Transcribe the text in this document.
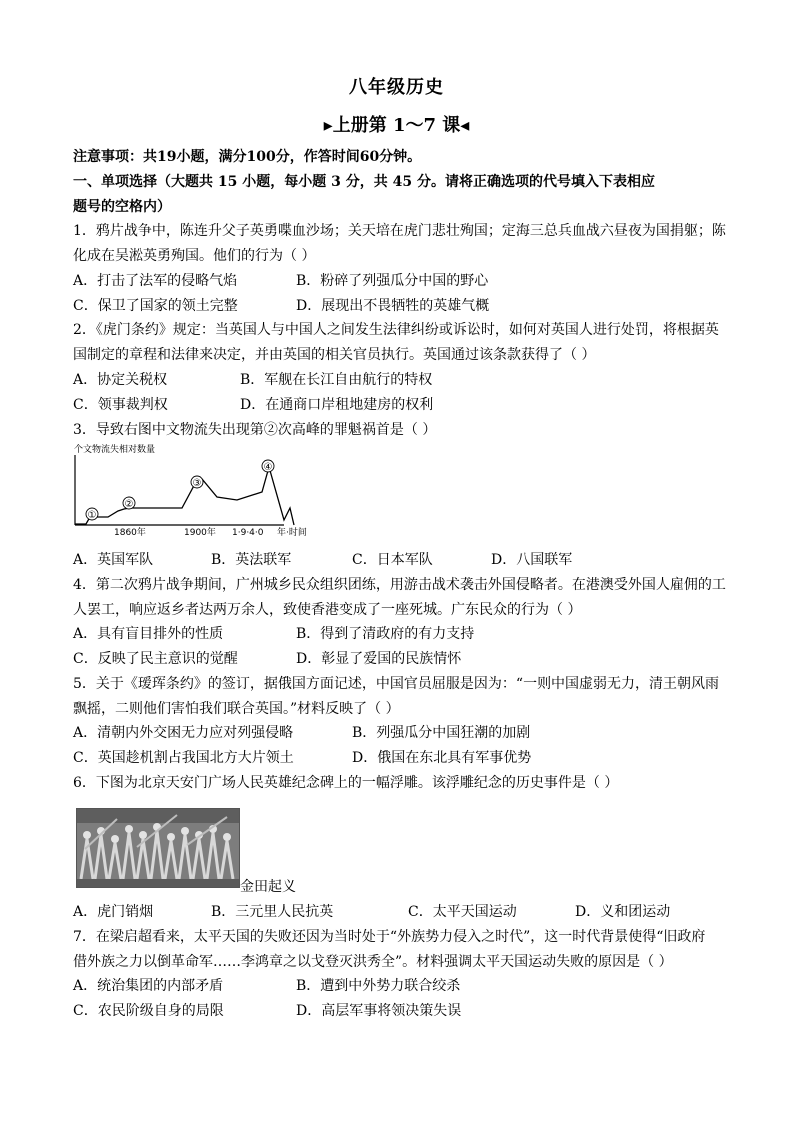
八年级历史
▸上册第 1～7 课◂
注意事项：共19小题，满分100分，作答时间60分钟。
一、单项选择（大题共 15 小题，每小题 3 分，共 45 分。请将正确选项的代号填入下表相应
题号的空格内）
1．鸦片战争中，陈连升父子英勇喋血沙场；关天培在虎门悲壮殉国；定海三总兵血战六昼夜为国捐躯；陈
化成在吴淞英勇殉国。他们的行为（ ）
A．打击了法军的侵略气焰	B．粉碎了列强瓜分中国的野心
C．保卫了国家的领土完整	D．展现出不畏牺牲的英雄气概
2．《虎门条约》规定：当英国人与中国人之间发生法律纠纷或诉讼时，如何对英国人进行处罚，将根据英
国制定的章程和法律来决定，并由英国的相关官员执行。英国通过该条款获得了（ ）
A．协定关税权	B．军舰在长江自由航行的特权
C．领事裁判权	D．在通商口岸租地建房的权利
3．导致右图中文物流失出现第②次高峰的罪魁祸首是（ ）
①
②
③
④
个文物流失相对数量
1860年	1900年 1·9·4·0 年·时间
A．英国军队	B．英法联军	C．日本军队	D．八国联军
4．第二次鸦片战争期间，广州城乡民众组织团练，用游击战术袭击外国侵略者。在港澳受外国人雇佣的工
人罢工，响应返乡者达两万余人，致使香港变成了一座死城。广东民众的行为（ ）
A．具有盲目排外的性质	B．得到了清政府的有力支持
C．反映了民主意识的觉醒	D．彰显了爱国的民族情怀
5．关于《瑷珲条约》的签订，据俄国方面记述，中国官员屈服是因为：“一则中国虚弱无力，清王朝风雨
飘摇，二则他们害怕我们联合英国。”材料反映了（ ）
A．清朝内外交困无力应对列强侵略	B．列强瓜分中国狂潮的加剧
C．英国趁机割占我国北方大片领土	D．俄国在东北具有军事优势
6．下图为北京天安门广场人民英雄纪念碑上的一幅浮雕。该浮雕纪念的历史事件是（ ）
金田起义
A．虎门销烟	B．三元里人民抗英	C．太平天国运动	D．义和团运动
7．在梁启超看来，太平天国的失败还因为当时处于“外族势力侵入之时代”，这一时代背景使得“旧政府
借外族之力以倒革命军……李鸿章之以戈登灭洪秀全”。材料强调太平天国运动失败的原因是（ ）
A．统治集团的内部矛盾	B．遭到中外势力联合绞杀
C．农民阶级自身的局限	D．高层军事将领决策失误
